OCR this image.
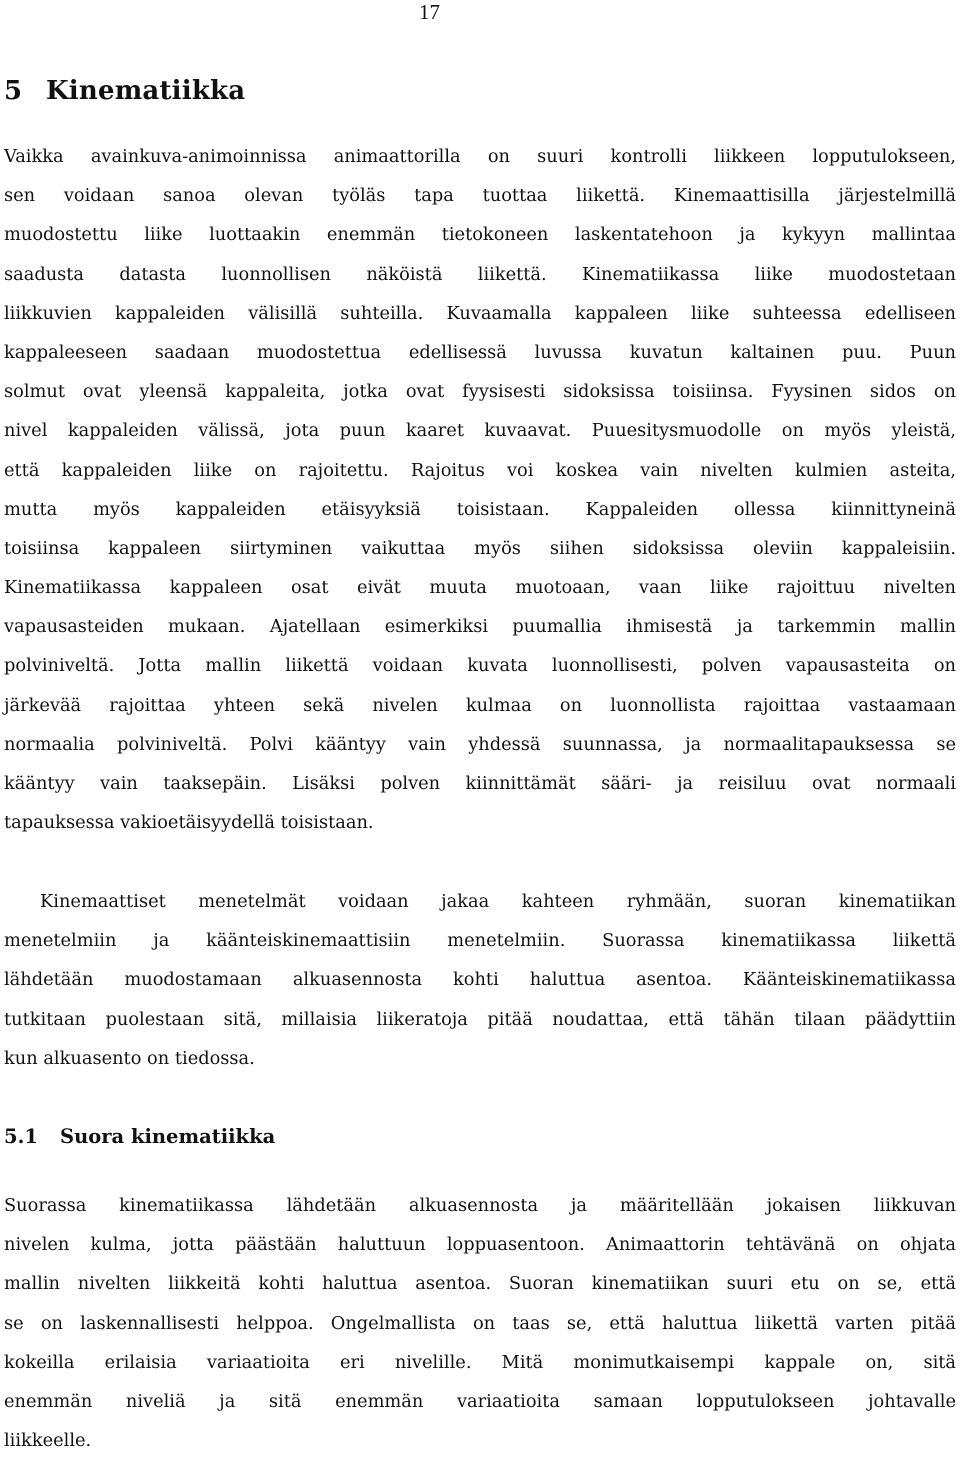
17
5 Kinematiikka
Vaikka avainkuva-animoinnissa animaattorilla on suuri kontrolli liikkeen lopputulokseen,
sen voidaan sanoa olevan työläs tapa tuottaa liikettä. Kinemaattisilla järjestelmillä
muodostettu liike luottaakin enemmän tietokoneen laskentatehoon ja kykyyn mallintaa
saadusta datasta luonnollisen näköistä liikettä. Kinematiikassa liike muodostetaan
liikkuvien kappaleiden välisillä suhteilla. Kuvaamalla kappaleen liike suhteessa edelliseen
kappaleeseen saadaan muodostettua edellisessä luvussa kuvatun kaltainen puu. Puun
solmut ovat yleensä kappaleita, jotka ovat fyysisesti sidoksissa toisiinsa. Fyysinen sidos on
nivel kappaleiden välissä, jota puun kaaret kuvaavat. Puuesitysmuodolle on myös yleistä,
että kappaleiden liike on rajoitettu. Rajoitus voi koskea vain nivelten kulmien asteita,
mutta myös kappaleiden etäisyyksiä toisistaan. Kappaleiden ollessa kiinnittyneinä
toisiinsa kappaleen siirtyminen vaikuttaa myös siihen sidoksissa oleviin kappaleisiin.
Kinematiikassa kappaleen osat eivät muuta muotoaan, vaan liike rajoittuu nivelten
vapausasteiden mukaan. Ajatellaan esimerkiksi puumallia ihmisestä ja tarkemmin mallin
polviniveltä. Jotta mallin liikettä voidaan kuvata luonnollisesti, polven vapausasteita on
järkevää rajoittaa yhteen sekä nivelen kulmaa on luonnollista rajoittaa vastaamaan
normaalia polviniveltä. Polvi kääntyy vain yhdessä suunnassa, ja normaalitapauksessa se
kääntyy vain taaksepäin. Lisäksi polven kiinnittämät sääri- ja reisiluu ovat normaali
tapauksessa vakioetäisyydellä toisistaan.
Kinemaattiset menetelmät voidaan jakaa kahteen ryhmään, suoran kinematiikan
menetelmiin ja käänteiskinemaattisiin menetelmiin. Suorassa kinematiikassa liikettä
lähdetään muodostamaan alkuasennosta kohti haluttua asentoa. Käänteiskinematiikassa
tutkitaan puolestaan sitä, millaisia liikeratoja pitää noudattaa, että tähän tilaan päädyttiin
kun alkuasento on tiedossa.
5.1 Suora kinematiikka
Suorassa kinematiikassa lähdetään alkuasennosta ja määritellään jokaisen liikkuvan
nivelen kulma, jotta päästään haluttuun loppuasentoon. Animaattorin tehtävänä on ohjata
mallin nivelten liikkeitä kohti haluttua asentoa. Suoran kinematiikan suuri etu on se, että
se on laskennallisesti helppoa. Ongelmallista on taas se, että haluttua liikettä varten pitää
kokeilla erilaisia variaatioita eri nivelille. Mitä monimutkaisempi kappale on, sitä
enemmän niveliä ja sitä enemmän variaatioita samaan lopputulokseen johtavalle
liikkeelle.
